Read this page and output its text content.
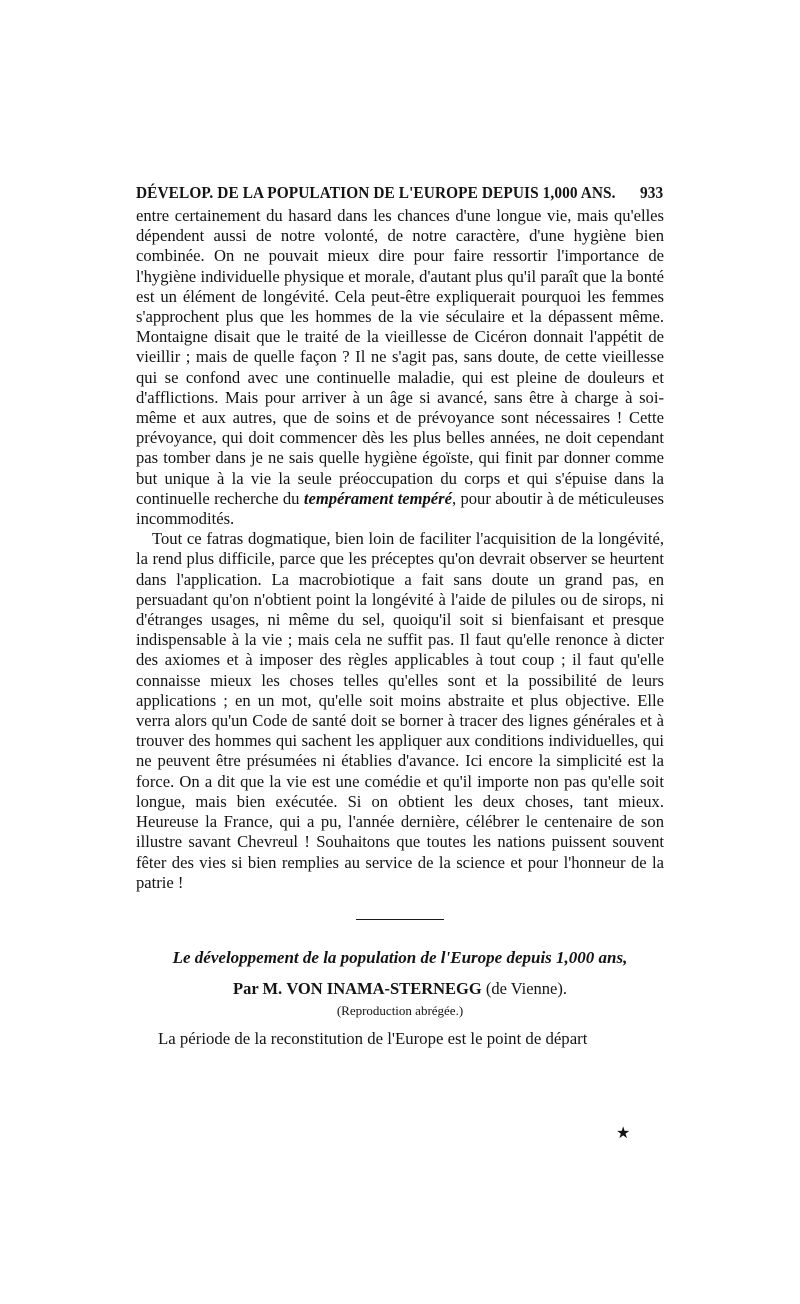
DÉVELOP. DE LA POPULATION DE L'EUROPE DEPUIS 1,000 ANS. 933

entre certainement du hasard dans les chances d'une longue vie, mais qu'elles dépendent aussi de notre volonté, de notre caractère, d'une hygiène bien combinée. On ne pouvait mieux dire pour faire ressortir l'importance de l'hygiène individuelle physique et morale, d'autant plus qu'il paraît que la bonté est un élément de longévité. Cela peut-être expliquerait pourquoi les femmes s'approchent plus que les hommes de la vie séculaire et la dépassent même. Montaigne disait que le traité de la vieillesse de Cicéron donnait l'appétit de vieillir ; mais de quelle façon ? Il ne s'agit pas, sans doute, de cette vieillesse qui se confond avec une continuelle maladie, qui est pleine de douleurs et d'afflictions. Mais pour arriver à un âge si avancé, sans être à charge à soi-même et aux autres, que de soins et de prévoyance sont nécessaires ! Cette prévoyance, qui doit commencer dès les plus belles années, ne doit cependant pas tomber dans je ne sais quelle hygiène égoïste, qui finit par donner comme but unique à la vie la seule préoccupation du corps et qui s'épuise dans la continuelle recherche du tempérament tempéré, pour aboutir à de méticuleuses incommodités.

Tout ce fatras dogmatique, bien loin de faciliter l'acquisition de la longévité, la rend plus difficile, parce que les préceptes qu'on devrait observer se heurtent dans l'application. La macrobiotique a fait sans doute un grand pas, en persuadant qu'on n'obtient point la longévité à l'aide de pilules ou de sirops, ni d'étranges usages, ni même du sel, quoiqu'il soit si bienfaisant et presque indispensable à la vie ; mais cela ne suffit pas. Il faut qu'elle renonce à dicter des axiomes et à imposer des règles applicables à tout coup ; il faut qu'elle connaisse mieux les choses telles qu'elles sont et la possibilité de leurs applications ; en un mot, qu'elle soit moins abstraite et plus objective. Elle verra alors qu'un Code de santé doit se borner à tracer des lignes générales et à trouver des hommes qui sachent les appliquer aux conditions individuelles, qui ne peuvent être présumées ni établies d'avance. Ici encore la simplicité est la force. On a dit que la vie est une comédie et qu'il importe non pas qu'elle soit longue, mais bien exécutée. Si on obtient les deux choses, tant mieux. Heureuse la France, qui a pu, l'année dernière, célébrer le centenaire de son illustre savant Chevreul ! Souhaitons que toutes les nations puissent souvent fêter des vies si bien remplies au service de la science et pour l'honneur de la patrie !

Le développement de la population de l'Europe depuis 1,000 ans,
Par M. VON INAMA-STERNEGG (de Vienne).
(Reproduction abrégée.)
La période de la reconstitution de l'Europe est le point de départ
★
